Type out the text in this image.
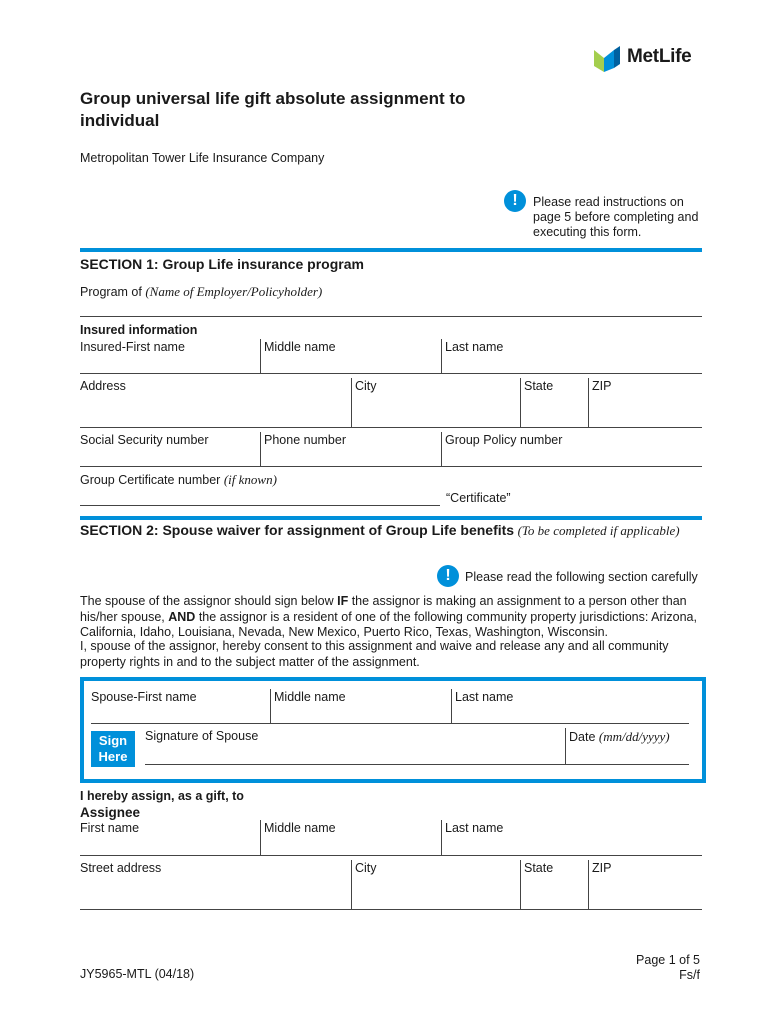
MetLife
Group universal life gift absolute assignment to individual
Metropolitan Tower Life Insurance Company
!	Please read instructions on page 5 before completing and executing this form.
SECTION 1: Group Life insurance program
Program of (Name of Employer/Policyholder)
Insured information
Insured-First name	Middle name	Last name
Address	City	State	ZIP
Social Security number	Phone number	Group Policy number
Group Certificate number (if known)
“Certificate”
SECTION 2: Spouse waiver for assignment of Group Life benefits (To be completed if applicable)
!	Please read the following section carefully
The spouse of the assignor should sign below IF the assignor is making an assignment to a person other than his/her spouse, AND the assignor is a resident of one of the following community property jurisdictions: Arizona, California, Idaho, Louisiana, Nevada, New Mexico, Puerto Rico, Texas, Washington, Wisconsin.
I, spouse of the assignor, hereby consent to this assignment and waive and release any and all community property rights in and to the subject matter of the assignment.
Spouse-First name	Middle name	Last name
Sign
Here
Signature of Spouse	Date (mm/dd/yyyy)
I hereby assign, as a gift, to
Assignee
First name	Middle name	Last name
Street address	City	State	ZIP
JY5965-MTL (04/18)
Page 1 of 5
Fs/f
